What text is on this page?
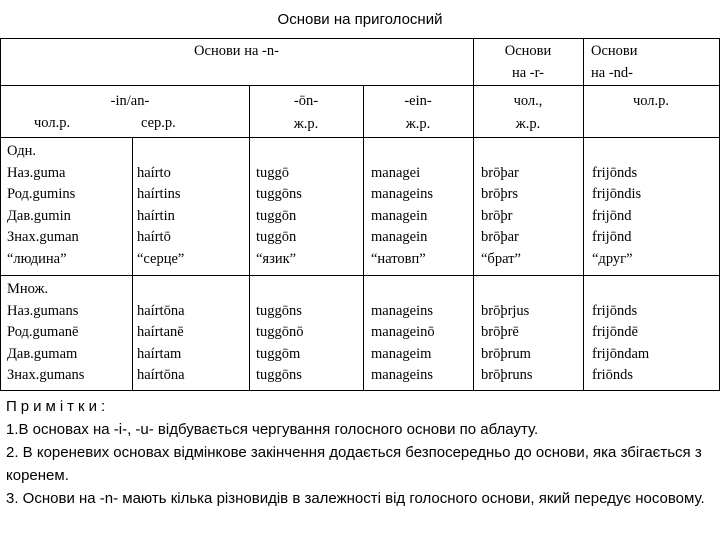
Основи на приголосний
Основи на -n-	Основи
на -r-
Основи
на -nd-
-in/an-
чол.р.	сер.р.
-ōn-
ж.р.
-ein-
ж.р.
чол.,
ж.р.
чол.р.
Одн.
Наз.guma
Род.gumins
Дав.gumin
Знах.guman
“людина”
haírto
haírtins
haírtin
haírtō
“серце”
tuggō
tuggōns
tuggōn
tuggōn
“язик”
managei
manageins
managein
managein
“натовп”
brōþar
brōþrs
brōþr
brōþar
“брат”
frijōnds
frijōndis
frijōnd
frijōnd
“друг”
Множ.
Наз.gumans
Род.gumanē
Дав.gumam
Знах.gumans
haírtōna
haírtanē
haírtam
haírtōna
tuggōns
tuggōnō
tuggōm
tuggōns
manageins
manageinō
manageim
manageins
brōþrjus
brōþrē
brōþrum
brōþruns
frijōnds
frijōndē
frijōndam
friōnds
Примітки:
1.В основах на -i-, -u- відбувається чергування голосного основи по аблауту.
2. В кореневих основах відмінкове закінчення додається безпосередньо до основи, яка збігається з коренем.
3. Основи на -n- мають кілька різновидів в залежності від голосного основи, який передує носовому.
